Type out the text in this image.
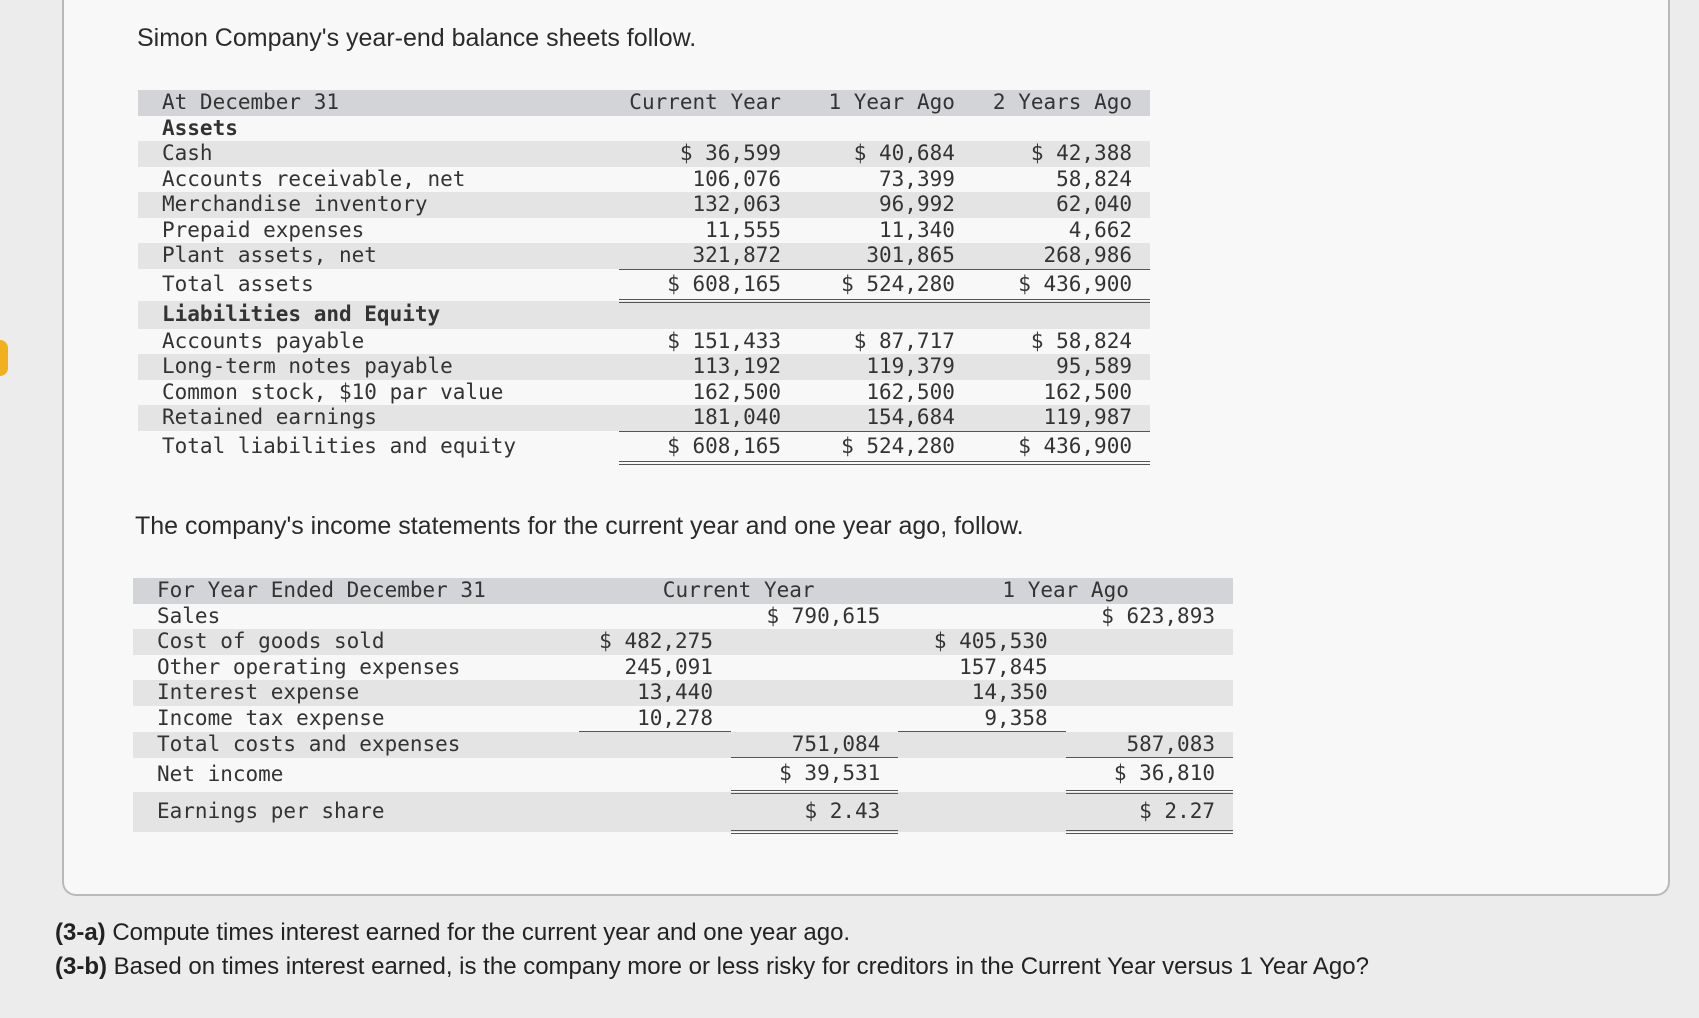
Simon Company's year-end balance sheets follow.
At December 31	Current Year	1 Year Ago	2 Years Ago
Assets			
Cash	$ 36,599	$ 40,684	$ 42,388
Accounts receivable, net	106,076	73,399	58,824
Merchandise inventory	132,063	96,992	62,040
Prepaid expenses	11,555	11,340	4,662
Plant assets, net	321,872	301,865	268,986
Total assets	$ 608,165	$ 524,280	$ 436,900
Liabilities and Equity			
Accounts payable	$ 151,433	$ 87,717	$ 58,824
Long-term notes payable	113,192	119,379	95,589
Common stock, $10 par value	162,500	162,500	162,500
Retained earnings	181,040	154,684	119,987
Total liabilities and equity	$ 608,165	$ 524,280	$ 436,900
The company's income statements for the current year and one year ago, follow.
For Year Ended December 31	Current Year		1 Year Ago	
Sales		$ 790,615		$ 623,893
Cost of goods sold	$ 482,275		$ 405,530	
Other operating expenses	245,091		157,845	
Interest expense	13,440		14,350	
Income tax expense	10,278		9,358	
Total costs and expenses		751,084		587,083
Net income		$ 39,531		$ 36,810
Earnings per share		$ 2.43		$ 2.27
(3-a) Compute times interest earned for the current year and one year ago.
(3-b) Based on times interest earned, is the company more or less risky for creditors in the Current Year versus 1 Year Ago?
